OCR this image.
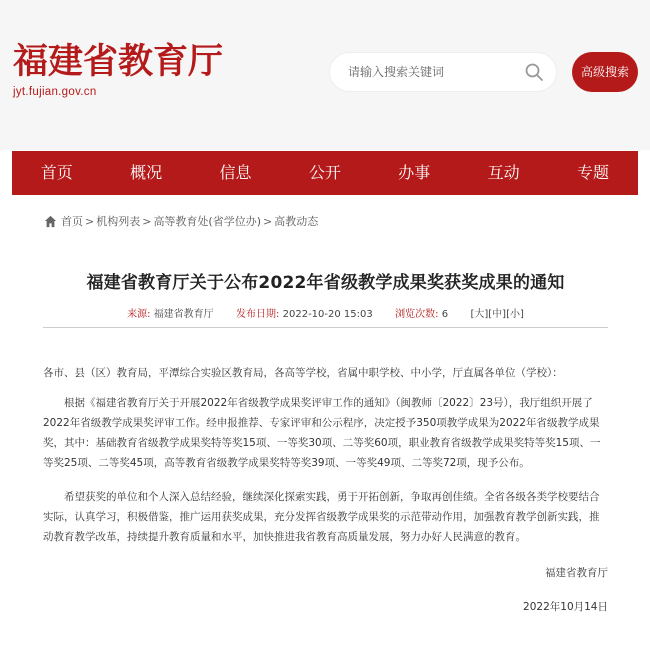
福建省教育厅
jyt.fujian.gov.cn
请输入搜索关键词
高级搜索
首页	概况	信息	公开	办事	互动	专题
首页 > 机构列表 > 高等教育处(省学位办) > 高教动态
福建省教育厅关于公布2022年省级教学成果奖获奖成果的通知
来源: 福建省教育厅 发布日期: 2022-10-20 15:03 浏览次数: 6 [大][中][小]

各市、县（区）教育局，平潭综合实验区教育局，各高等学校，省属中职学校、中小学，厅直属各单位（学校）：

根据《福建省教育厅关于开展2022年省级教学成果奖评审工作的通知》（闽教师〔2022〕23号），我厅组织开展了2022年省级教学成果奖评审工作。经申报推荐、专家评审和公示程序，决定授予350项教学成果为2022年省级教学成果奖，其中：基础教育省级教学成果奖特等奖15项、一等奖30项、二等奖60项，职业教育省级教学成果奖特等奖15项、一等奖25项、二等奖45项，高等教育省级教学成果奖特等奖39项、一等奖49项、二等奖72项，现予公布。

希望获奖的单位和个人深入总结经验，继续深化探索实践，勇于开拓创新，争取再创佳绩。全省各级各类学校要结合实际，认真学习，积极借鉴，推广运用获奖成果，充分发挥省级教学成果奖的示范带动作用，加强教育教学创新实践，推动教育教学改革，持续提升教育质量和水平，加快推进我省教育高质量发展，努力办好人民满意的教育。

福建省教育厅

2022年10月14日
